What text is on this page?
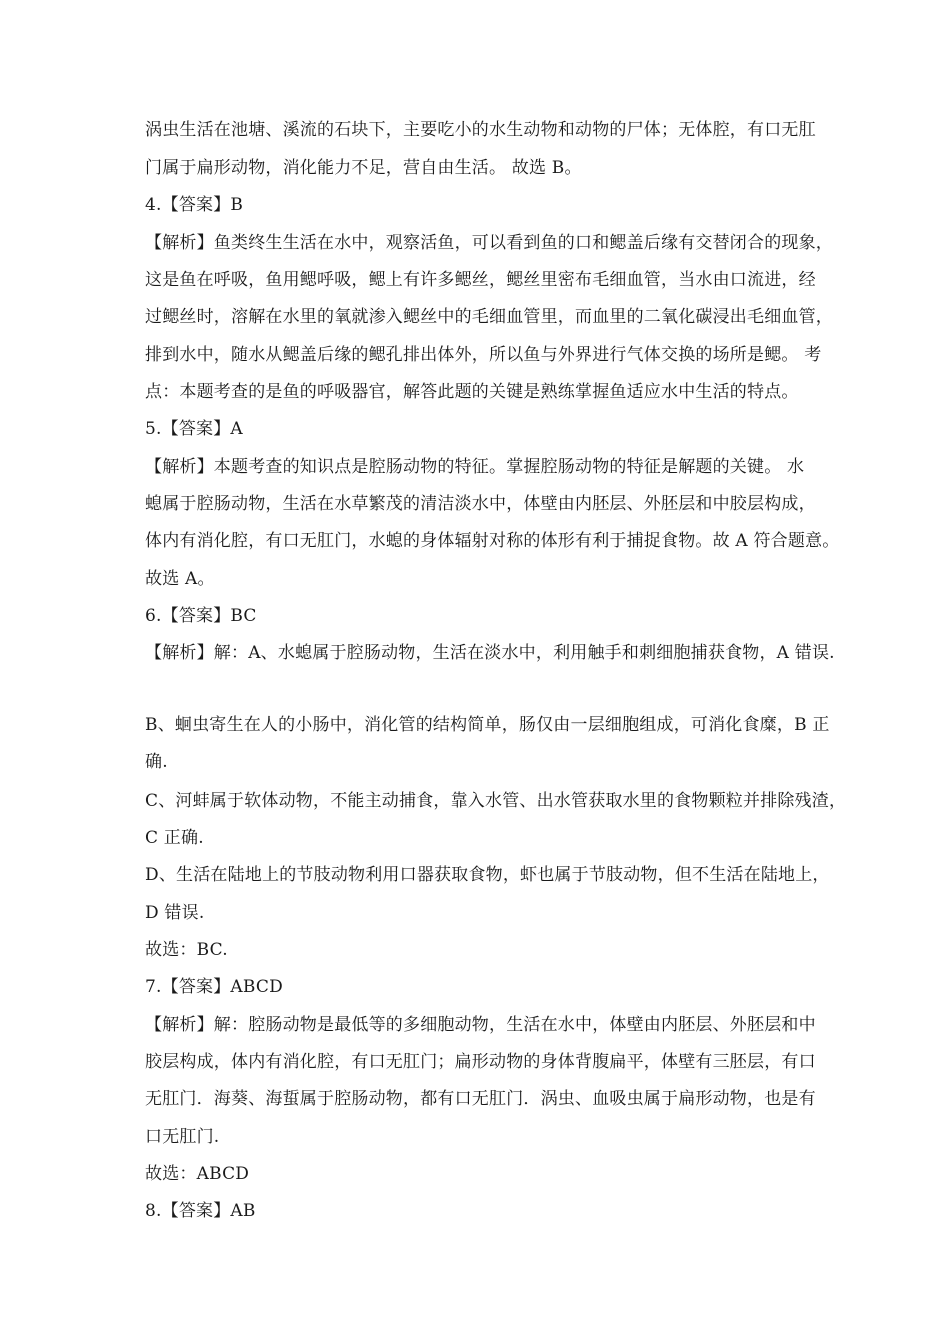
涡虫生活在池塘、溪流的石块下，主要吃小的水生动物和动物的尸体；无体腔，有口无肛
门属于扁形动物，消化能力不足，营自由生活。 故选 B。
4.【答案】B
【解析】鱼类终生生活在水中，观察活鱼，可以看到鱼的口和鳃盖后缘有交替闭合的现象，
这是鱼在呼吸，鱼用鳃呼吸，鳃上有许多鳃丝，鳃丝里密布毛细血管，当水由口流进，经
过鳃丝时，溶解在水里的氧就渗入鳃丝中的毛细血管里，而血里的二氧化碳浸出毛细血管，
排到水中，随水从鳃盖后缘的鳃孔排出体外，所以鱼与外界进行气体交换的场所是鳃。 考
点：本题考查的是鱼的呼吸器官，解答此题的关键是熟练掌握鱼适应水中生活的特点。
5.【答案】A
【解析】本题考查的知识点是腔肠动物的特征。掌握腔肠动物的特征是解题的关键。 水
螅属于腔肠动物，生活在水草繁茂的清洁淡水中，体壁由内胚层、外胚层和中胶层构成，
体内有消化腔，有口无肛门，水螅的身体辐射对称的体形有利于捕捉食物。故 A 符合题意。
故选 A。
6.【答案】BC
【解析】解：A、水螅属于腔肠动物，生活在淡水中，利用触手和刺细胞捕获食物，A 错误.
B、蛔虫寄生在人的小肠中，消化管的结构简单，肠仅由一层细胞组成，可消化食糜，B 正
确.
C、河蚌属于软体动物，不能主动捕食，靠入水管、出水管获取水里的食物颗粒并排除残渣，
C 正确.
D、生活在陆地上的节肢动物利用口器获取食物，虾也属于节肢动物，但不生活在陆地上，
D 错误.
故选：BC.
7.【答案】ABCD
【解析】解：腔肠动物是最低等的多细胞动物，生活在水中，体壁由内胚层、外胚层和中
胶层构成，体内有消化腔，有口无肛门；扁形动物的身体背腹扁平，体壁有三胚层，有口
无肛门．海葵、海蜇属于腔肠动物，都有口无肛门．涡虫、血吸虫属于扁形动物，也是有
口无肛门.
故选：ABCD
8.【答案】AB
